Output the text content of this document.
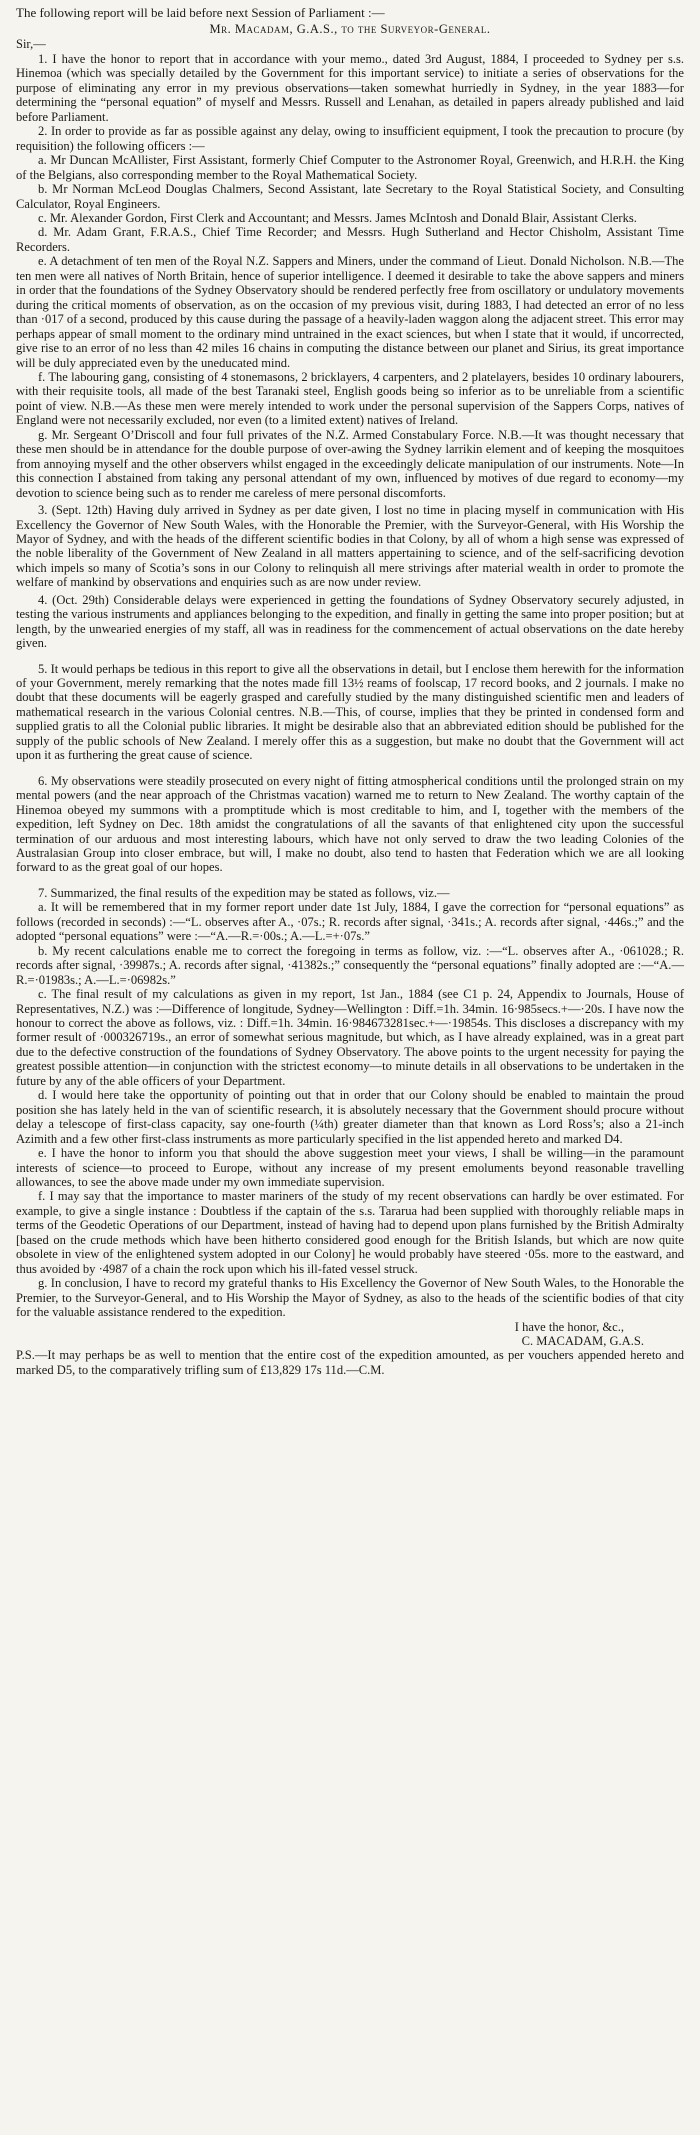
The following report will be laid before next Session of Parliament :—

Mr. Macadam, G.A.S., to the Surveyor-General.

Sir,—

1. I have the honor to report that in accordance with your memo., dated 3rd August, 1884, I proceeded to Sydney per s.s. Hinemoa (which was specially detailed by the Government for this important service) to initiate a series of observations for the purpose of eliminating any error in my previous observations—taken somewhat hurriedly in Sydney, in the year 1883—for determining the “personal equation” of myself and Messrs. Russell and Lenahan, as detailed in papers already published and laid before Parliament.

2. In order to provide as far as possible against any delay, owing to insufficient equipment, I took the precaution to procure (by requisition) the following officers :—

a. Mr Duncan McAllister, First Assistant, formerly Chief Computer to the Astronomer Royal, Greenwich, and H.R.H. the King of the Belgians, also corresponding member to the Royal Mathematical Society.

b. Mr Norman McLeod Douglas Chalmers, Second Assistant, late Secretary to the Royal Statistical Society, and Consulting Calculator, Royal Engineers.

c. Mr. Alexander Gordon, First Clerk and Accountant; and Messrs. James McIntosh and Donald Blair, Assistant Clerks.

d. Mr. Adam Grant, F.R.A.S., Chief Time Recorder; and Messrs. Hugh Sutherland and Hector Chisholm, Assistant Time Recorders.

e. A detachment of ten men of the Royal N.Z. Sappers and Miners, under the command of Lieut. Donald Nicholson. N.B.—The ten men were all natives of North Britain, hence of superior intelligence. I deemed it desirable to take the above sappers and miners in order that the foundations of the Sydney Observatory should be rendered perfectly free from oscillatory or undulatory movements during the critical moments of observation, as on the occasion of my previous visit, during 1883, I had detected an error of no less than ·017 of a second, produced by this cause during the passage of a heavily-laden waggon along the adjacent street. This error may perhaps appear of small moment to the ordinary mind untrained in the exact sciences, but when I state that it would, if uncorrected, give rise to an error of no less than 42 miles 16 chains in computing the distance between our planet and Sirius, its great importance will be duly appreciated even by the uneducated mind.

f. The labouring gang, consisting of 4 stonemasons, 2 bricklayers, 4 carpenters, and 2 platelayers, besides 10 ordinary labourers, with their requisite tools, all made of the best Taranaki steel, English goods being so inferior as to be unreliable from a scientific point of view. N.B.—As these men were merely intended to work under the personal supervision of the Sappers Corps, natives of England were not necessarily excluded, nor even (to a limited extent) natives of Ireland.

g. Mr. Sergeant O’Driscoll and four full privates of the N.Z. Armed Constabulary Force. N.B.—It was thought necessary that these men should be in attendance for the double purpose of over-awing the Sydney larrikin element and of keeping the mosquitoes from annoying myself and the other observers whilst engaged in the exceedingly delicate manipulation of our instruments. Note—In this connection I abstained from taking any personal attendant of my own, influenced by motives of due regard to economy—my devotion to science being such as to render me careless of mere personal discomforts.

3. (Sept. 12th) Having duly arrived in Sydney as per date given, I lost no time in placing myself in communication with His Excellency the Governor of New South Wales, with the Honorable the Premier, with the Surveyor-General, with His Worship the Mayor of Sydney, and with the heads of the different scientific bodies in that Colony, by all of whom a high sense was expressed of the noble liberality of the Government of New Zealand in all matters appertaining to science, and of the self-sacrificing devotion which impels so many of Scotia’s sons in our Colony to relinquish all mere strivings after material wealth in order to promote the welfare of mankind by observations and enquiries such as are now under review.

4. (Oct. 29th) Considerable delays were experienced in getting the foundations of Sydney Observatory securely adjusted, in testing the various instruments and appliances belonging to the expedition, and finally in getting the same into proper position; but at length, by the unwearied energies of my staff, all was in readiness for the commencement of actual observations on the date hereby given.

5. It would perhaps be tedious in this report to give all the observations in detail, but I enclose them herewith for the information of your Government, merely remarking that the notes made fill 13½ reams of foolscap, 17 record books, and 2 journals. I make no doubt that these documents will be eagerly grasped and carefully studied by the many distinguished scientific men and leaders of mathematical research in the various Colonial centres. N.B.—This, of course, implies that they be printed in condensed form and supplied gratis to all the Colonial public libraries. It might be desirable also that an abbreviated edition should be published for the supply of the public schools of New Zealand. I merely offer this as a suggestion, but make no doubt that the Government will act upon it as furthering the great cause of science.

6. My observations were steadily prosecuted on every night of fitting atmospherical conditions until the prolonged strain on my mental powers (and the near approach of the Christmas vacation) warned me to return to New Zealand. The worthy captain of the Hinemoa obeyed my summons with a promptitude which is most creditable to him, and I, together with the members of the expedition, left Sydney on Dec. 18th amidst the congratulations of all the savants of that enlightened city upon the successful termination of our arduous and most interesting labours, which have not only served to draw the two leading Colonies of the Australasian Group into closer embrace, but will, I make no doubt, also tend to hasten that Federation which we are all looking forward to as the great goal of our hopes.

7. Summarized, the final results of the expedition may be stated as follows, viz.—

a. It will be remembered that in my former report under date 1st July, 1884, I gave the correction for “personal equations” as follows (recorded in seconds) :—“L. observes after A., ·07s.; R. records after signal, ·341s.; A. records after signal, ·446s.;” and the adopted “personal equations” were :—“A.—R.=·00s.; A.—L.=+·07s.”

b. My recent calculations enable me to correct the foregoing in terms as follow, viz. :—“L. observes after A., ·061028.; R. records after signal, ·39987s.; A. records after signal, ·41382s.;” consequently the “personal equations” finally adopted are :—“A.—R.=·01983s.; A.—L.=·06982s.”

c. The final result of my calculations as given in my report, 1st Jan., 1884 (see C1 p. 24, Appendix to Journals, House of Representatives, N.Z.) was :—Difference of longitude, Sydney—Wellington : Diff.=1h. 34min. 16·985secs.+—·20s. I have now the honour to correct the above as follows, viz. : Diff.=1h. 34min. 16·984673281sec.+—·19854s. This discloses a discrepancy with my former result of ·000326719s., an error of somewhat serious magnitude, but which, as I have already explained, was in a great part due to the defective construction of the foundations of Sydney Observatory. The above points to the urgent necessity for paying the greatest possible attention—in conjunction with the strictest economy—to minute details in all observations to be undertaken in the future by any of the able officers of your Department.

d. I would here take the opportunity of pointing out that in order that our Colony should be enabled to maintain the proud position she has lately held in the van of scientific research, it is absolutely necessary that the Government should procure without delay a telescope of first-class capacity, say one-fourth (¼th) greater diameter than that known as Lord Ross’s; also a 21-inch Azimith and a few other first-class instruments as more particularly specified in the list appended hereto and marked D4.

e. I have the honor to inform you that should the above suggestion meet your views, I shall be willing—in the paramount interests of science—to proceed to Europe, without any increase of my present emoluments beyond reasonable travelling allowances, to see the above made under my own immediate supervision.

f. I may say that the importance to master mariners of the study of my recent observations can hardly be over estimated. For example, to give a single instance : Doubtless if the captain of the s.s. Tararua had been supplied with thoroughly reliable maps in terms of the Geodetic Operations of our Department, instead of having had to depend upon plans furnished by the British Admiralty [based on the crude methods which have been hitherto considered good enough for the British Islands, but which are now quite obsolete in view of the enlightened system adopted in our Colony] he would probably have steered ·05s. more to the eastward, and thus avoided by ·4987 of a chain the rock upon which his ill-fated vessel struck.

g. In conclusion, I have to record my grateful thanks to His Excellency the Governor of New South Wales, to the Honorable the Premier, to the Surveyor-General, and to His Worship the Mayor of Sydney, as also to the heads of the scientific bodies of that city for the valuable assistance rendered to the expedition.

I have the honor, &c.,

C. MACADAM, G.A.S.

P.S.—It may perhaps be as well to mention that the entire cost of the expedition amounted, as per vouchers appended hereto and marked D5, to the comparatively trifling sum of £13,829 17s 11d.—C.M.
